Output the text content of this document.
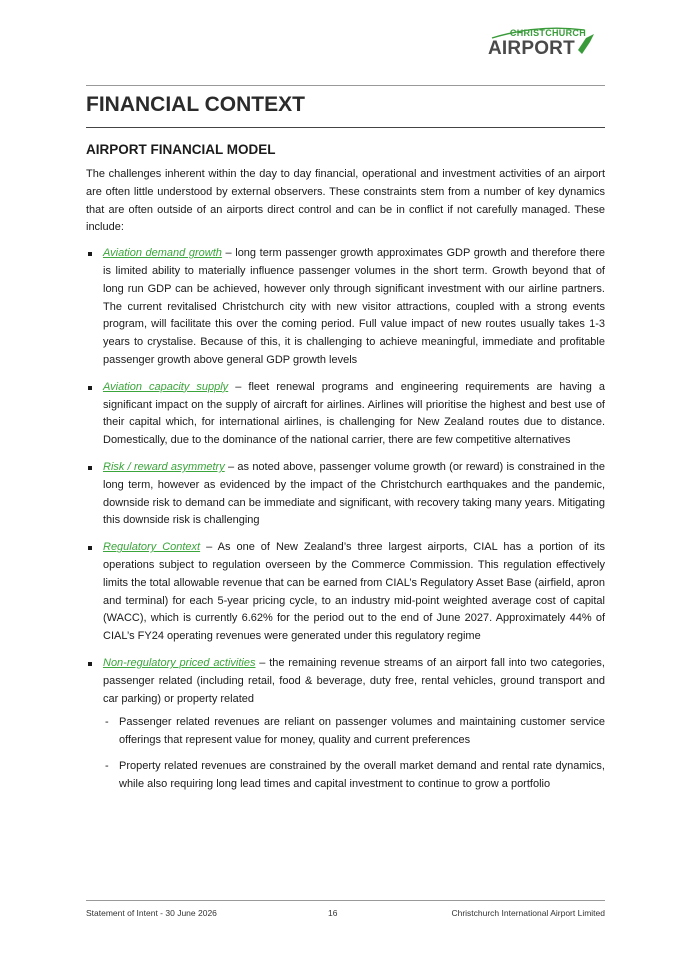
CHRISTCHURCH
AIRPORT
FINANCIAL CONTEXT
AIRPORT FINANCIAL MODEL

The challenges inherent within the day to day financial, operational and investment activities of an airport are often little understood by external observers. These constraints stem from a number of key dynamics that are often outside of an airports direct control and can be in conflict if not carefully managed. These include:

Aviation demand growth – long term passenger growth approximates GDP growth and therefore there is limited ability to materially influence passenger volumes in the short term. Growth beyond that of long run GDP can be achieved, however only through significant investment with our airline partners. The current revitalised Christchurch city with new visitor attractions, coupled with a strong events program, will facilitate this over the coming period. Full value impact of new routes usually takes 1-3 years to crystalise. Because of this, it is challenging to achieve meaningful, immediate and profitable passenger growth above general GDP growth levels
Aviation capacity supply – fleet renewal programs and engineering requirements are having a significant impact on the supply of aircraft for airlines. Airlines will prioritise the highest and best use of their capital which, for international airlines, is challenging for New Zealand routes due to distance. Domestically, due to the dominance of the national carrier, there are few competitive alternatives
Risk / reward asymmetry – as noted above, passenger volume growth (or reward) is constrained in the long term, however as evidenced by the impact of the Christchurch earthquakes and the pandemic, downside risk to demand can be immediate and significant, with recovery taking many years. Mitigating this downside risk is challenging
Regulatory Context – As one of New Zealand’s three largest airports, CIAL has a portion of its operations subject to regulation overseen by the Commerce Commission. This regulation effectively limits the total allowable revenue that can be earned from CIAL’s Regulatory Asset Base (airfield, apron and terminal) for each 5-year pricing cycle, to an industry mid-point weighted average cost of capital (WACC), which is currently 6.62% for the period out to the end of June 2027. Approximately 44% of CIAL’s FY24 operating revenues were generated under this regulatory regime
Non-regulatory priced activities – the remaining revenue streams of an airport fall into two categories, passenger related (including retail, food & beverage, duty free, rental vehicles, ground transport and car parking) or property related
- Passenger related revenues are reliant on passenger volumes and maintaining customer service offerings that represent value for money, quality and current preferences
- Property related revenues are constrained by the overall market demand and rental rate dynamics, while also requiring long lead times and capital investment to continue to grow a portfolio
Statement of Intent - 30 June 2026	16	Christchurch International Airport Limited
